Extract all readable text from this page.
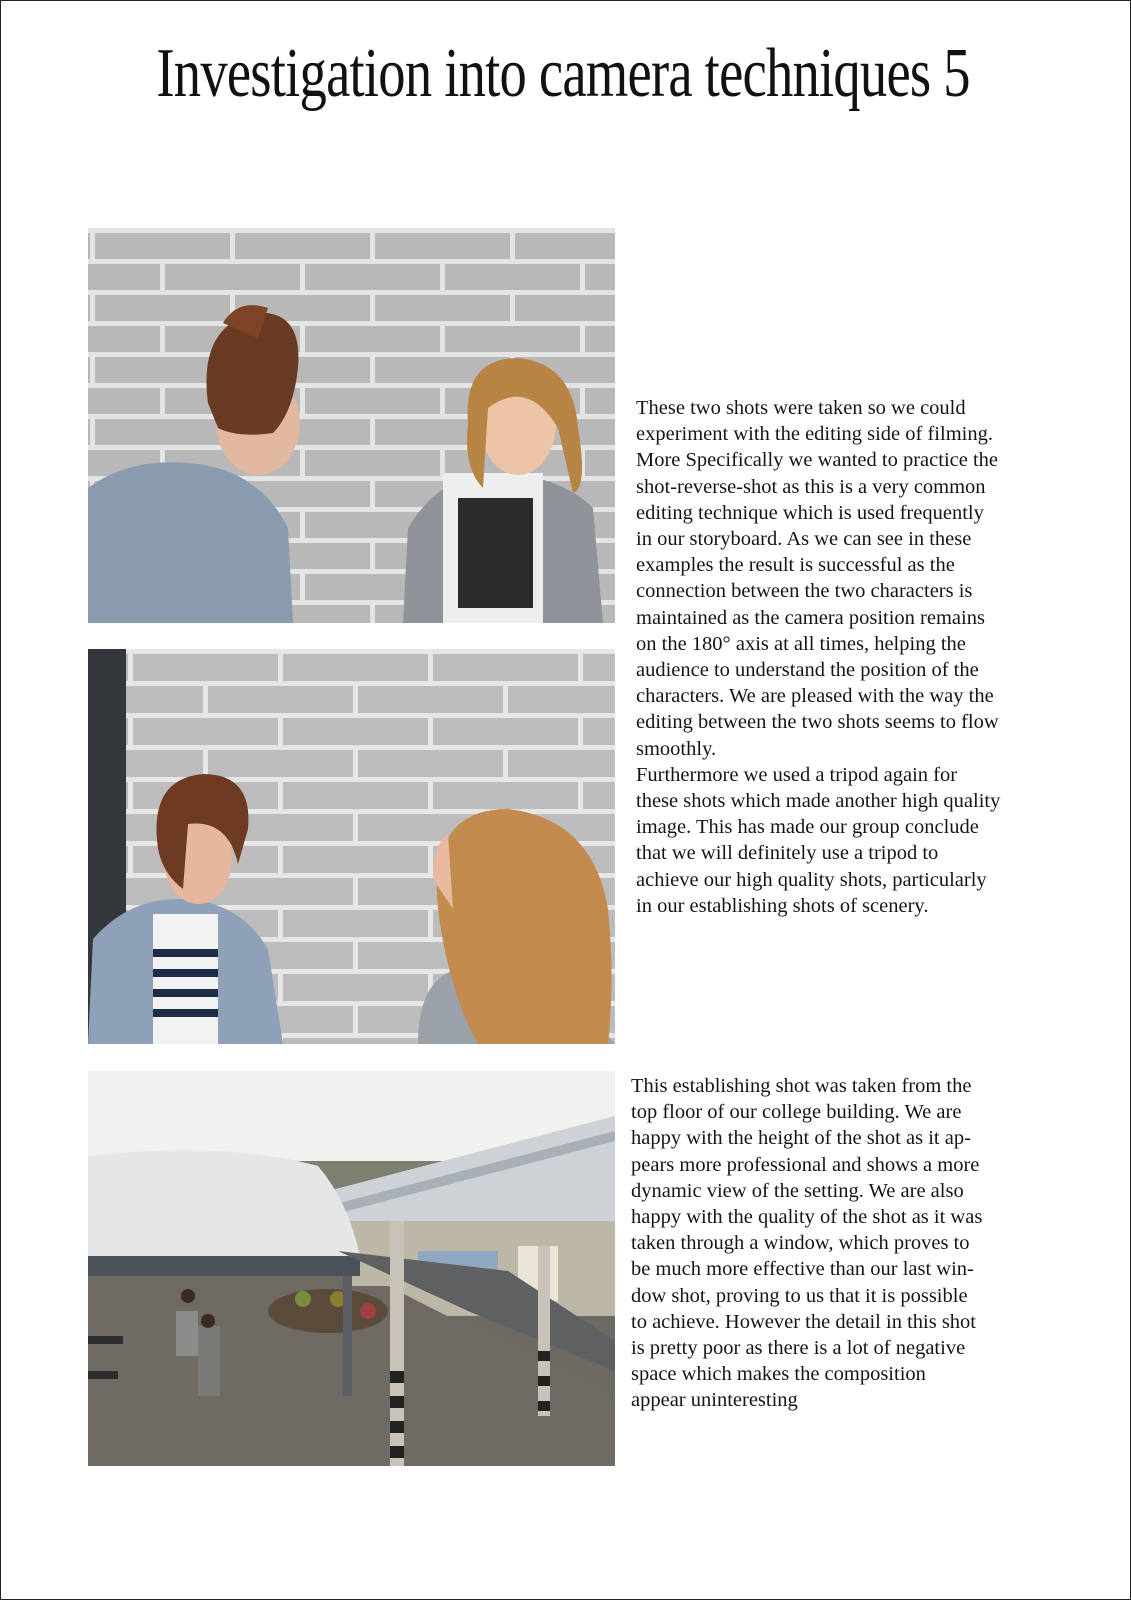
Investigation into camera techniques 5
These two shots were taken so we could
experiment with the editing side of filming.
More Specifically we wanted to practice the
shot-reverse-shot as this is a very common
editing technique which is used frequently
in our storyboard. As we can see in these
examples the result is successful as the
connection between the two characters is
maintained as the camera position remains
on the 180° axis at all times, helping the
audience to understand the position of the
characters. We are pleased with the way the
editing between the two shots seems to flow
smoothly.
Furthermore we used a tripod again for
these shots which made another high quality
image. This has made our group conclude
that we will definitely use a tripod to
achieve our high quality shots, particularly
in our establishing shots of scenery.
This establishing shot was taken from the
top floor of our college building. We are
happy with the height of the shot as it ap-
pears more professional and shows a more
dynamic view of the setting. We are also
happy with the quality of the shot as it was
taken through a window, which proves to
be much more effective than our last win-
dow shot, proving to us that it is possible
to achieve. However the detail in this shot
is pretty poor as there is a lot of negative
space which makes the composition
appear uninteresting
